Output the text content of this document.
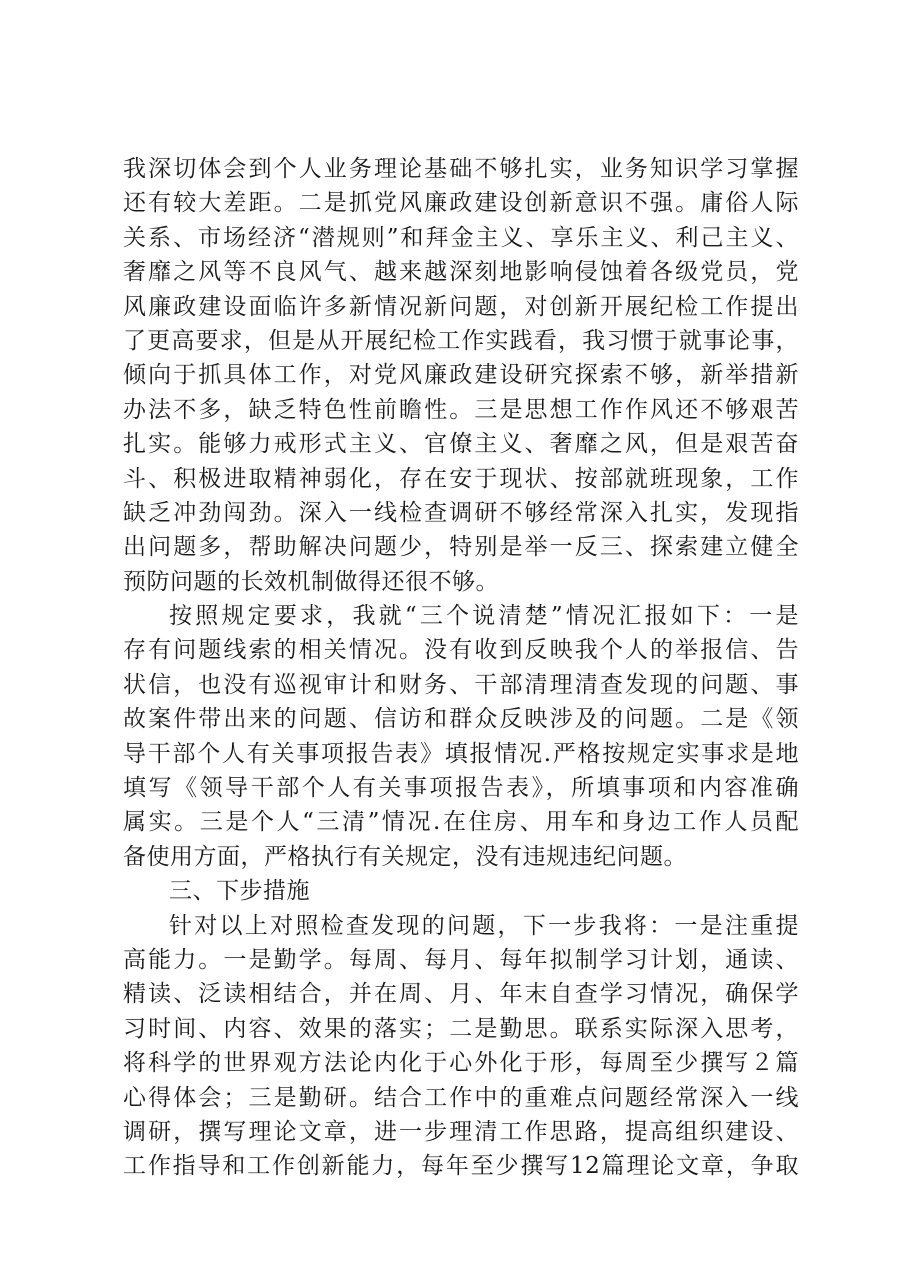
我深切体会到个人业务理论基础不够扎实，业务知识学习掌握
还有较大差距。二是抓党风廉政建设创新意识不强。庸俗人际
关系、市场经济“潜规则”和拜金主义、享乐主义、利己主义、
奢靡之风等不良风气、越来越深刻地影响侵蚀着各级党员，党
风廉政建设面临许多新情况新问题，对创新开展纪检工作提出
了更高要求，但是从开展纪检工作实践看，我习惯于就事论事，
倾向于抓具体工作，对党风廉政建设研究探索不够，新举措新
办法不多，缺乏特色性前瞻性。三是思想工作作风还不够艰苦
扎实。能够力戒形式主义、官僚主义、奢靡之风，但是艰苦奋
斗、积极进取精神弱化，存在安于现状、按部就班现象，工作
缺乏冲劲闯劲。深入一线检查调研不够经常深入扎实，发现指
出问题多，帮助解决问题少，特别是举一反三、探索建立健全
预防问题的长效机制做得还很不够。
按照规定要求，我就“三个说清楚”情况汇报如下：一是
存有问题线索的相关情况。没有收到反映我个人的举报信、告
状信，也没有巡视审计和财务、干部清理清查发现的问题、事
故案件带出来的问题、信访和群众反映涉及的问题。二是《领
导干部个人有关事项报告表》填报情况.严格按规定实事求是地
填写《领导干部个人有关事项报告表》，所填事项和内容准确
属实。三是个人“三清”情况.在住房、用车和身边工作人员配
备使用方面，严格执行有关规定，没有违规违纪问题。
三、下步措施
针对以上对照检查发现的问题，下一步我将：一是注重提
高能力。一是勤学。每周、每月、每年拟制学习计划，通读、
精读、泛读相结合，并在周、月、年末自查学习情况，确保学
习时间、内容、效果的落实；二是勤思。联系实际深入思考，
将科学的世界观方法论内化于心外化于形，每周至少撰写２篇
心得体会；三是勤研。结合工作中的重难点问题经常深入一线
调研，撰写理论文章，进一步理清工作思路，提高组织建设、
工作指导和工作创新能力，每年至少撰写12篇理论文章，争取
